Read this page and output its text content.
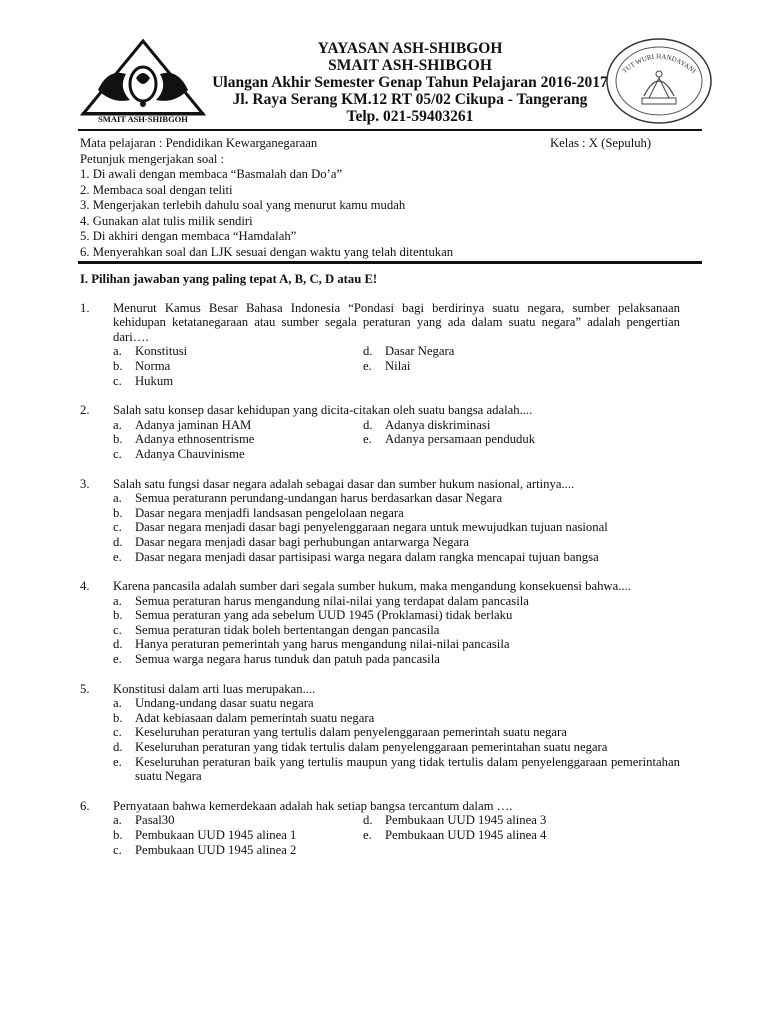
SMAIT ASH-SHIBGOH
YAYASAN ASH-SHIBGOH
SMAIT ASH-SHIBGOH
Ulangan Akhir Semester Genap Tahun Pelajaran 2016-2017
Jl. Raya Serang KM.12 RT 05/02 Cikupa - Tangerang
Telp. 021-59403261
TUT WURI HANDAYANI
Mata pelajaran : Pendidikan Kewarganegaraan	Kelas : X (Sepuluh)
Petunjuk mengerjakan soal :
1. Di awali dengan membaca “Basmalah dan Do’a”
2. Membaca soal dengan teliti
3. Mengerjakan terlebih dahulu soal yang menurut kamu mudah
4. Gunakan alat tulis milik sendiri
5. Di akhiri dengan membaca “Hamdalah”
6. Menyerahkan soal dan LJK sesuai dengan waktu yang telah ditentukan
I. Pilihan jawaban yang paling tepat A, B, C, D atau E!
1. Menurut Kamus Besar Bahasa Indonesia “Pondasi bagi berdirinya suatu negara, sumber pelaksanaan kehidupan ketatanegaraan atau sumber segala peraturan yang ada dalam suatu negara” adalah pengertian dari….
a. Konstitusi	d. Dasar Negara
b. Norma	e. Nilai
c. Hukum
2. Salah satu konsep dasar kehidupan yang dicita-citakan oleh suatu bangsa adalah....
a. Adanya jaminan HAM	d. Adanya diskriminasi
b. Adanya ethnosentrisme	e. Adanya persamaan penduduk
c. Adanya Chauvinisme
3. Salah satu fungsi dasar negara adalah sebagai dasar dan sumber hukum nasional, artinya....
a. Semua peraturann perundang-undangan harus berdasarkan dasar Negara
b. Dasar negara menjadfi landsasan pengelolaan negara
c. Dasar negara menjadi dasar bagi penyelenggaraan negara untuk mewujudkan tujuan nasional
d. Dasar negara menjadi dasar bagi perhubungan antarwarga Negara
e. Dasar negara menjadi dasar partisipasi warga negara dalam rangka mencapai tujuan bangsa
4. Karena pancasila adalah sumber dari segala sumber hukum, maka mengandung konsekuensi bahwa....
a. Semua peraturan harus mengandung nilai-nilai yang terdapat dalam pancasila
b. Semua peraturan yang ada sebelum UUD 1945 (Proklamasi) tidak berlaku
c. Semua peraturan tidak boleh bertentangan dengan pancasila
d. Hanya peraturan pemerintah yang harus mengandung nilai-nilai pancasila
e. Semua warga negara harus tunduk dan patuh pada pancasila
5. Konstitusi dalam arti luas merupakan....
a. Undang-undang dasar suatu negara
b. Adat kebiasaan dalam pemerintah suatu negara
c. Keseluruhan peraturan yang tertulis dalam penyelenggaraan pemerintah suatu negara
d. Keseluruhan peraturan yang tidak tertulis dalam penyelenggaraan pemerintahan suatu negara
e. Keseluruhan peraturan baik yang tertulis maupun yang tidak tertulis dalam penyelenggaraan pemerintahan suatu Negara
6. Pernyataan bahwa kemerdekaan adalah hak setiap bangsa tercantum dalam ….
a. Pasal30	d. Pembukaan UUD 1945 alinea 3
b. Pembukaan UUD 1945 alinea 1	e. Pembukaan UUD 1945 alinea 4
c. Pembukaan UUD 1945 alinea 2
